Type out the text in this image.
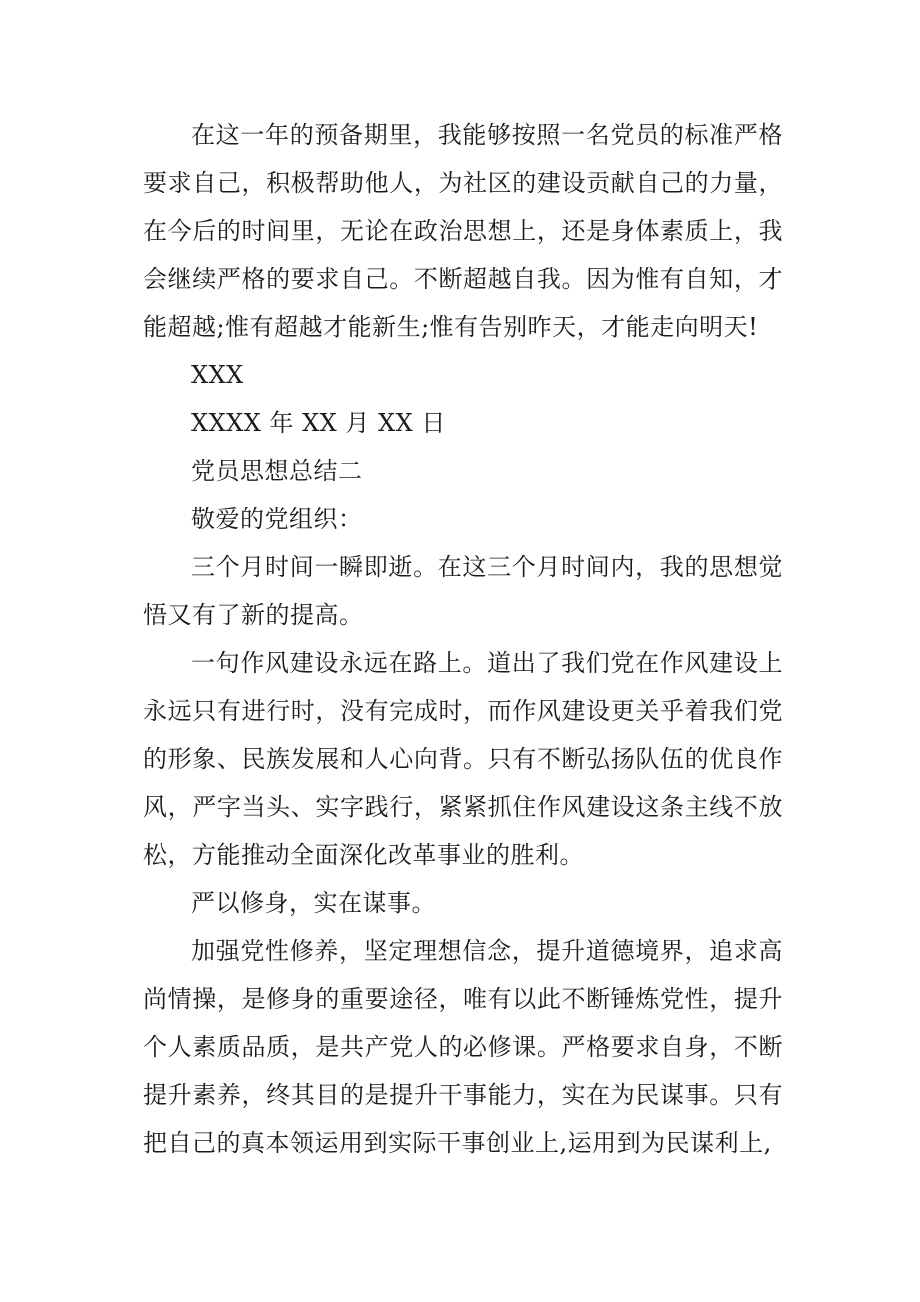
在这一年的预备期里，我能够按照一名党员的标准严格要求自己，积极帮助他人，为社区的建设贡献自己的力量，在今后的时间里，无论在政治思想上，还是身体素质上，我会继续严格的要求自己。不断超越自我。因为惟有自知，才能超越;惟有超越才能新生;惟有告别昨天，才能走向明天!

XXX

XXXX 年 XX 月 XX 日

党员思想总结二

敬爱的党组织：

三个月时间一瞬即逝。在这三个月时间内，我的思想觉悟又有了新的提高。

一句作风建设永远在路上。道出了我们党在作风建设上永远只有进行时，没有完成时，而作风建设更关乎着我们党的形象、民族发展和人心向背。只有不断弘扬队伍的优良作风，严字当头、实字践行，紧紧抓住作风建设这条主线不放松，方能推动全面深化改革事业的胜利。

严以修身，实在谋事。

加强党性修养，坚定理想信念，提升道德境界，追求高尚情操，是修身的重要途径，唯有以此不断锤炼党性，提升个人素质品质，是共产党人的必修课。严格要求自身，不断提升素养，终其目的是提升干事能力，实在为民谋事。只有把自己的真本领运用到实际干事创业上,运用到为民谋利上,
